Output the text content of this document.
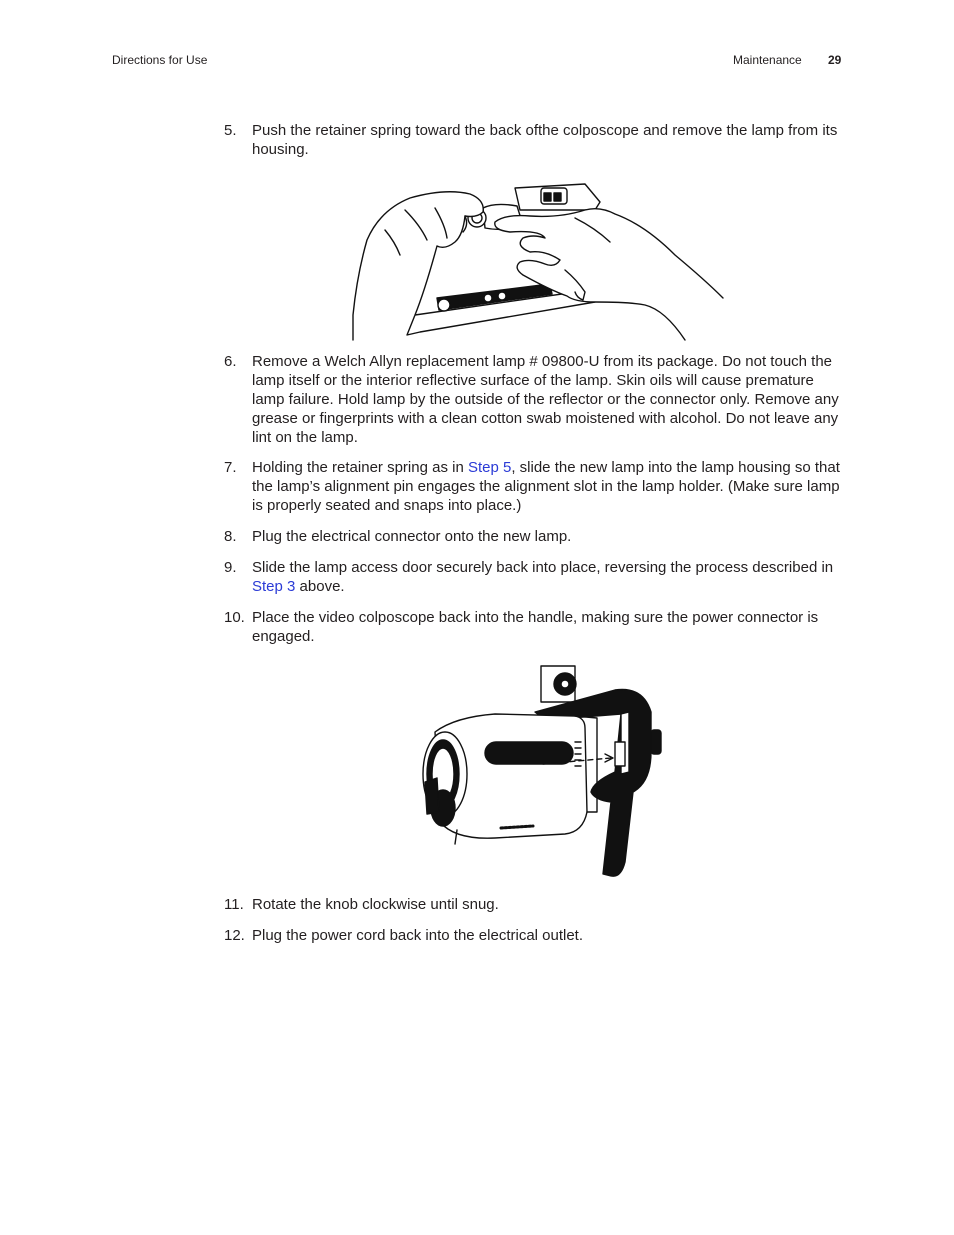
Directions for Use	Maintenance 29
5. Push the retainer spring toward the back ofthe colposcope and remove the lamp from its housing.
6. Remove a Welch Allyn replacement lamp # 09800-U from its package. Do not touch the lamp itself or the interior reflective surface of the lamp. Skin oils will cause premature lamp failure. Hold lamp by the outside of the reflector or the connector only. Remove any grease or fingerprints with a clean cotton swab moistened with alcohol. Do not leave any lint on the lamp.
7. Holding the retainer spring as in Step 5, slide the new lamp into the lamp housing so that the lamp’s alignment pin engages the alignment slot in the lamp holder. (Make sure lamp is properly seated and snaps into place.)
8. Plug the electrical connector onto the new lamp.
9. Slide the lamp access door securely back into place, reversing the process described in Step 3 above.
10. Place the video colposcope back into the handle, making sure the power connector is engaged.
11. Rotate the knob clockwise until snug.
12. Plug the power cord back into the electrical outlet.
